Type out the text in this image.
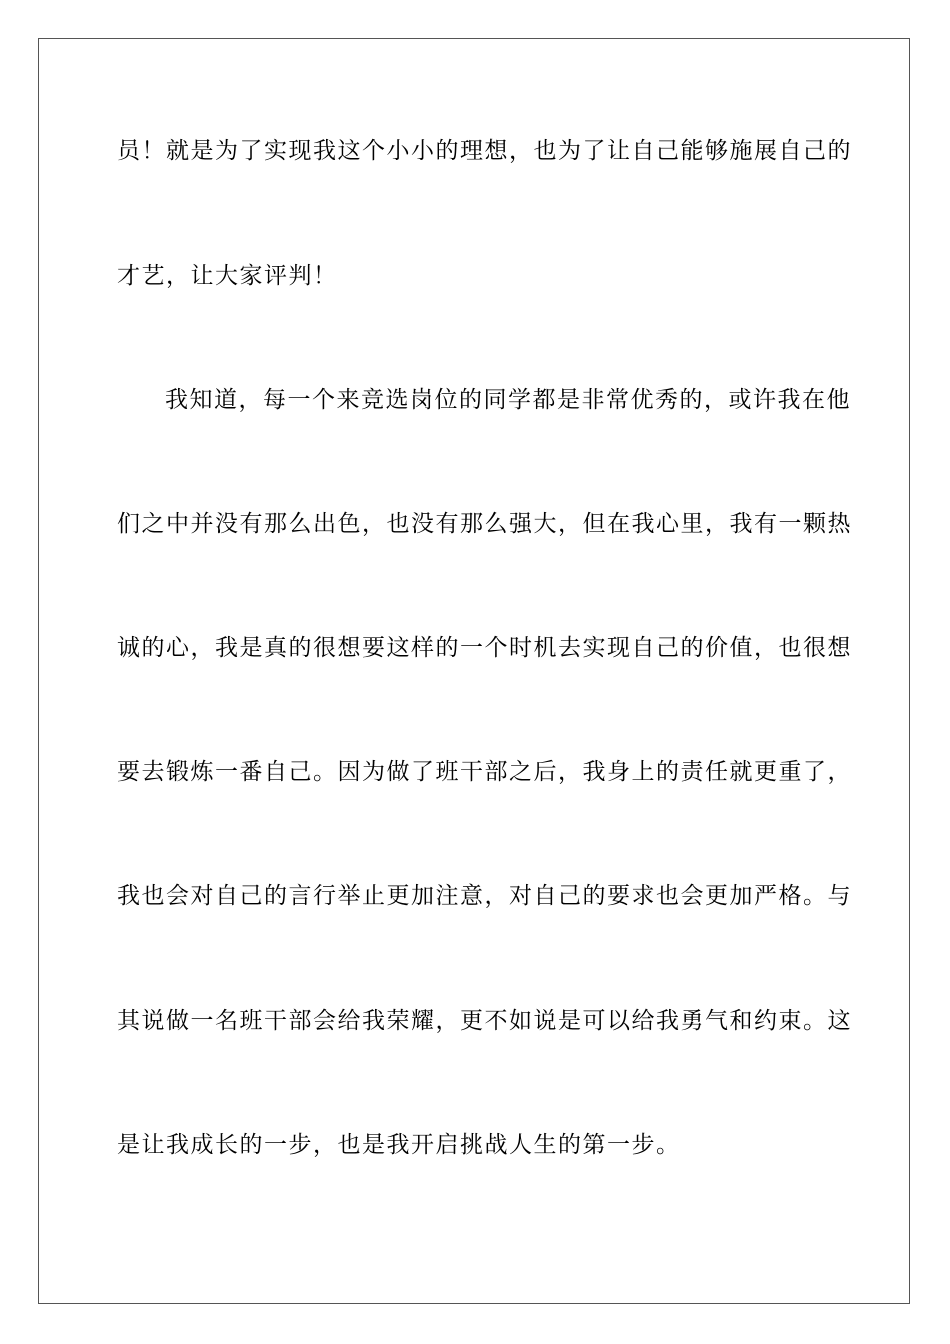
员！就是为了实现我这个小小的理想，也为了让自己能够施展自己的
才艺，让大家评判！
我知道，每一个来竞选岗位的同学都是非常优秀的，或许我在他
们之中并没有那么出色，也没有那么强大，但在我心里，我有一颗热
诚的心，我是真的很想要这样的一个时机去实现自己的价值，也很想
要去锻炼一番自己。因为做了班干部之后，我身上的责任就更重了，
我也会对自己的言行举止更加注意，对自己的要求也会更加严格。与
其说做一名班干部会给我荣耀，更不如说是可以给我勇气和约束。这
是让我成长的一步，也是我开启挑战人生的第一步。
